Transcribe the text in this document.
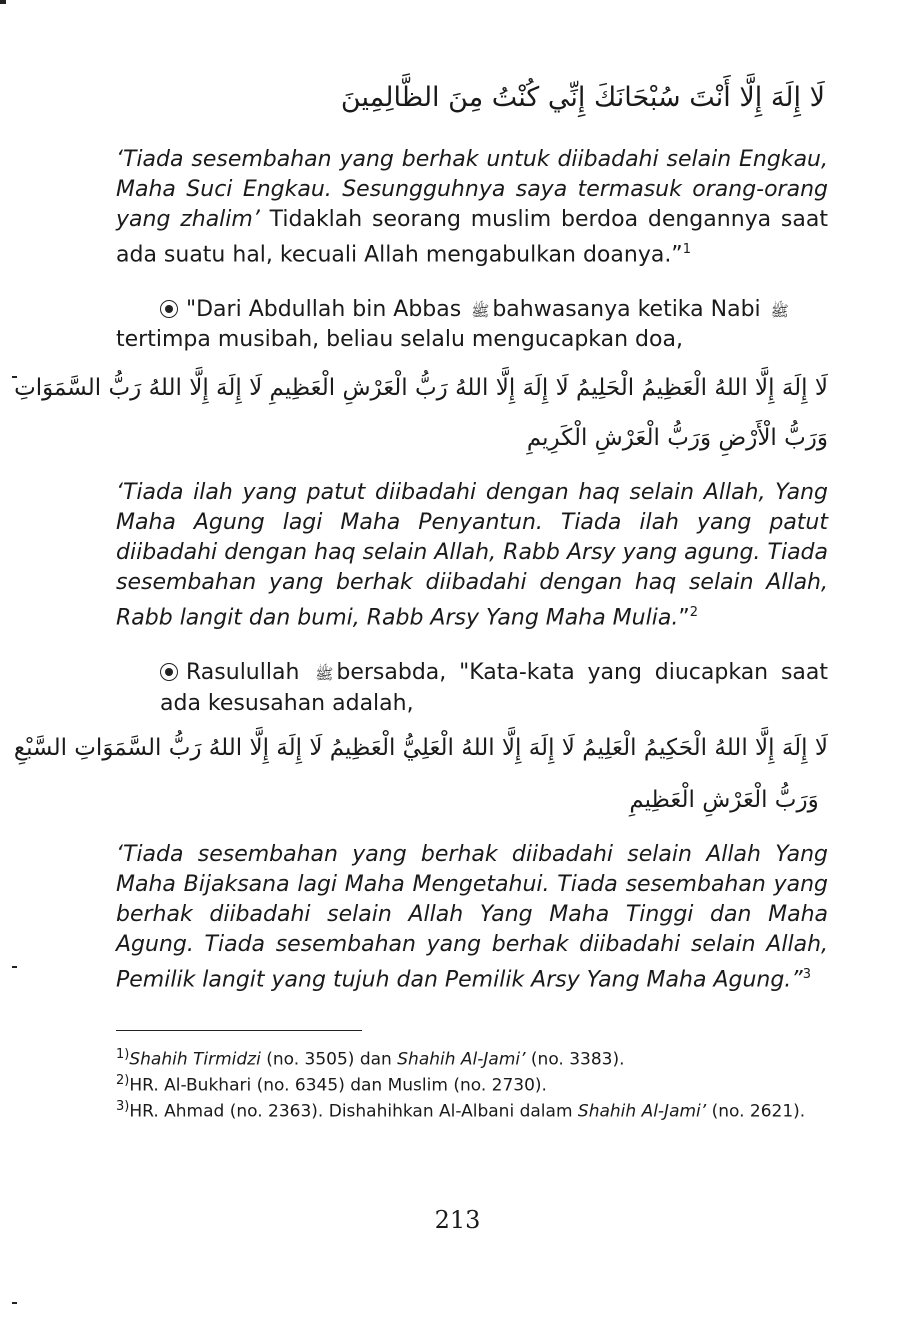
لَا إِلَهَ إِلَّا أَنْتَ سُبْحَانَكَ إِنِّي كُنْتُ مِنَ الظَّالِمِينَ
‘Tiada sesembahan yang berhak untuk diibadahi selain Engkau, Maha Suci Engkau. Sesungguhnya saya termasuk orang-orang yang zhalim’ Tidaklah seorang muslim berdoa dengannya saat ada suatu hal, kecuali Allah mengabulkan doanya.”$^1$
"Dari Abdullah bin Abbas ﷺ bahwasanya ketika Nabi ﷺ
tertimpa musibah, beliau selalu mengucapkan doa,
لَا إِلَهَ إِلَّا اللهُ الْعَظِيمُ الْحَلِيمُ لَا إِلَهَ إِلَّا اللهُ رَبُّ الْعَرْشِ الْعَظِيمِ لَا إِلَهَ إِلَّا اللهُ رَبُّ السَّمَوَاتِ
وَرَبُّ الْأَرْضِ وَرَبُّ الْعَرْشِ الْكَرِيمِ
‘Tiada ilah yang patut diibadahi dengan haq selain Allah, Yang Maha Agung lagi Maha Penyantun. Tiada ilah yang patut diibadahi dengan haq selain Allah, Rabb Arsy yang agung. Tiada sesembahan yang berhak diibadahi dengan haq selain Allah, Rabb langit dan bumi, Rabb Arsy Yang Maha Mulia.”$^2$
Rasulullah ﷺ bersabda, "Kata-kata yang diucapkan saat ada kesusahan adalah,
لَا إِلَهَ إِلَّا اللهُ الْحَكِيمُ الْعَلِيمُ لَا إِلَهَ إِلَّا اللهُ الْعَلِيُّ الْعَظِيمُ لَا إِلَهَ إِلَّا اللهُ رَبُّ السَّمَوَاتِ السَّبْعِ
وَرَبُّ الْعَرْشِ الْعَظِيمِ
‘Tiada sesembahan yang berhak diibadahi selain Allah Yang Maha Bijaksana lagi Maha Mengetahui. Tiada sesembahan yang berhak diibadahi selain Allah Yang Maha Tinggi dan Maha Agung. Tiada sesembahan yang berhak diibadahi selain Allah, Pemilik langit yang tujuh dan Pemilik Arsy Yang Maha Agung.”$^3$
$^{1)}$Shahih Tirmidzi (no. 3505) dan Shahih Al-Jami’ (no. 3383).
$^{2)}$HR. Al-Bukhari (no. 6345) dan Muslim (no. 2730).
$^{3)}$HR. Ahmad (no. 2363). Dishahihkan Al-Albani dalam Shahih Al-Jami’ (no. 2621).
213
